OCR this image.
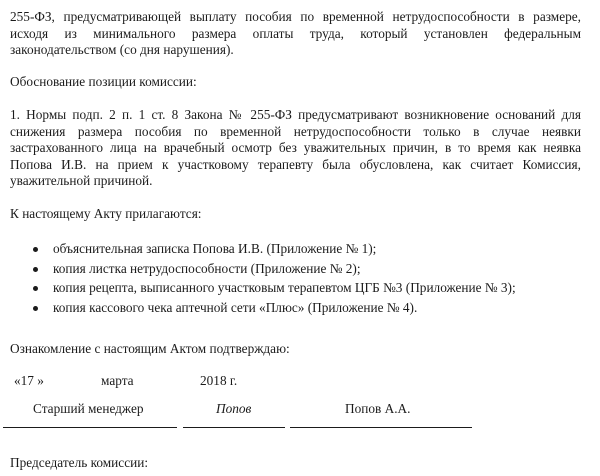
255-ФЗ, предусматривающей выплату пособия по временной нетрудоспособности в размере,
исходя из минимального размера оплаты труда, который установлен федеральным
законодательством (со дня нарушения).
Обоснование позиции комиссии:
1. Нормы подп. 2 п. 1 ст. 8 Закона № 255-ФЗ предусматривают возникновение оснований для
снижения размера пособия по временной нетрудоспособности только в случае неявки
застрахованного лица на врачебный осмотр без уважительных причин, в то время как неявка
Попова И.В. на прием к участковому терапевту была обусловлена, как считает Комиссия,
уважительной причиной.
К настоящему Акту прилагаются:
объяснительная записка Попова И.В. (Приложение № 1);
копия листка нетрудоспособности (Приложение № 2);
копия рецепта, выписанного участковым терапевтом ЦГБ №3 (Приложение № 3);
копия кассового чека аптечной сети «Плюс» (Приложение № 4).
Ознакомление с настоящим Актом подтверждаю:
«17 »	марта	2018 г.
Старший менеджер	Попов	Попов А.А.
Председатель комиссии:
